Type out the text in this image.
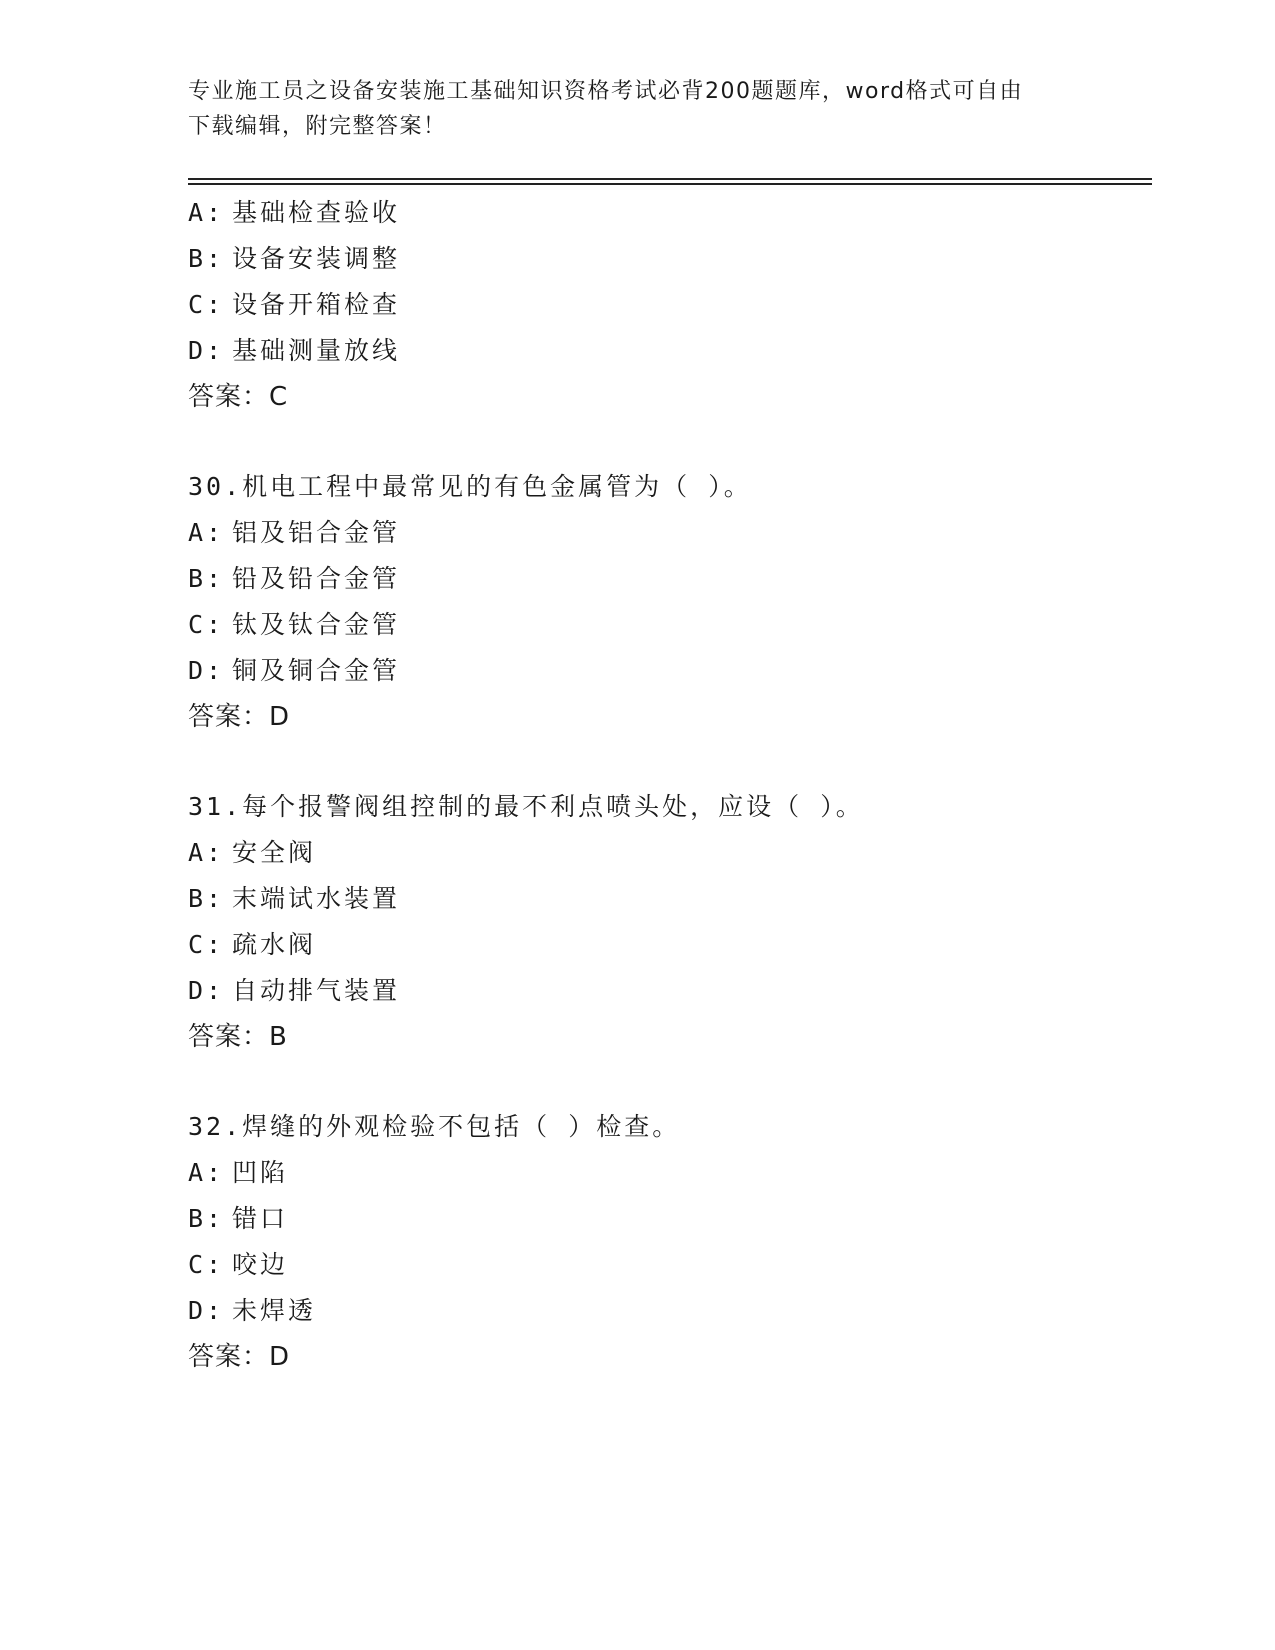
专业施工员之设备安装施工基础知识资格考试必背200题题库，word格式可自由
下载编辑，附完整答案！
A: 基础检查验收
B: 设备安装调整
C: 设备开箱检查
D: 基础测量放线
答案：C
30.机电工程中最常见的有色金属管为（ ）。
A: 铝及铝合金管
B: 铅及铅合金管
C: 钛及钛合金管
D: 铜及铜合金管
答案：D
31.每个报警阀组控制的最不利点喷头处，应设（ ）。
A: 安全阀
B: 末端试水装置
C: 疏水阀
D: 自动排气装置
答案：B
32.焊缝的外观检验不包括（ ）检查。
A: 凹陷
B: 错口
C: 咬边
D: 未焊透
答案：D
